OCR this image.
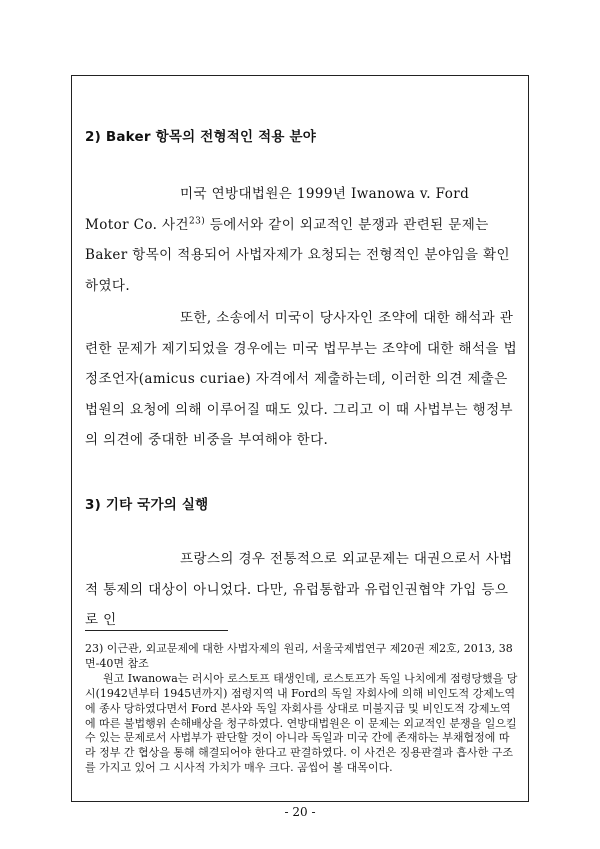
2) Baker 항목의 전형적인 적용 분야

미국 연방대법원은 1999년 Iwanowa v. Ford Motor Co. 사건$^{23)}$ 등에서와 같이 외교적인 분쟁과 관련된 문제는 Baker 항목이 적용되어 사법자제가 요청되는 전형적인 분야임을 확인하였다.

또한, 소송에서 미국이 당사자인 조약에 대한 해석과 관련한 문제가 제기되었을 경우에는 미국 법무부는 조약에 대한 해석을 법정조언자(amicus curiae) 자격에서 제출하는데, 이러한 의견 제출은 법원의 요청에 의해 이루어질 때도 있다. 그리고 이 때 사법부는 행정부의 의견에 중대한 비중을 부여해야 한다.

3) 기타 국가의 실행

프랑스의 경우 전통적으로 외교문제는 대권으로서 사법적 통제의 대상이 아니었다. 다만, 유럽통합과 유럽인권협약 가입 등으로 인

23) 이근관, 외교문제에 대한 사법자제의 원리, 서울국제법연구 제20권 제2호, 2013, 38면-40면 참조
원고 Iwanowa는 러시아 로스토프 태생인데, 로스토프가 독일 나치에게 점령당했을 당시(1942년부터 1945년까지) 점령지역 내 Ford의 독일 자회사에 의해 비인도적 강제노역에 종사 당하였다면서 Ford 본사와 독일 자회사를 상대로 미불지급 및 비인도적 강제노역에 따른 불법행위 손해배상을 청구하였다. 연방대법원은 이 문제는 외교적인 분쟁을 일으킬 수 있는 문제로서 사법부가 판단할 것이 아니라 독일과 미국 간에 존재하는 부채협정에 따라 정부 간 협상을 통해 해결되어야 한다고 판결하였다. 이 사건은 징용판결과 흡사한 구조를 가지고 있어 그 시사적 가치가 매우 크다. 곰씹어 볼 대목이다.
- 20 -
